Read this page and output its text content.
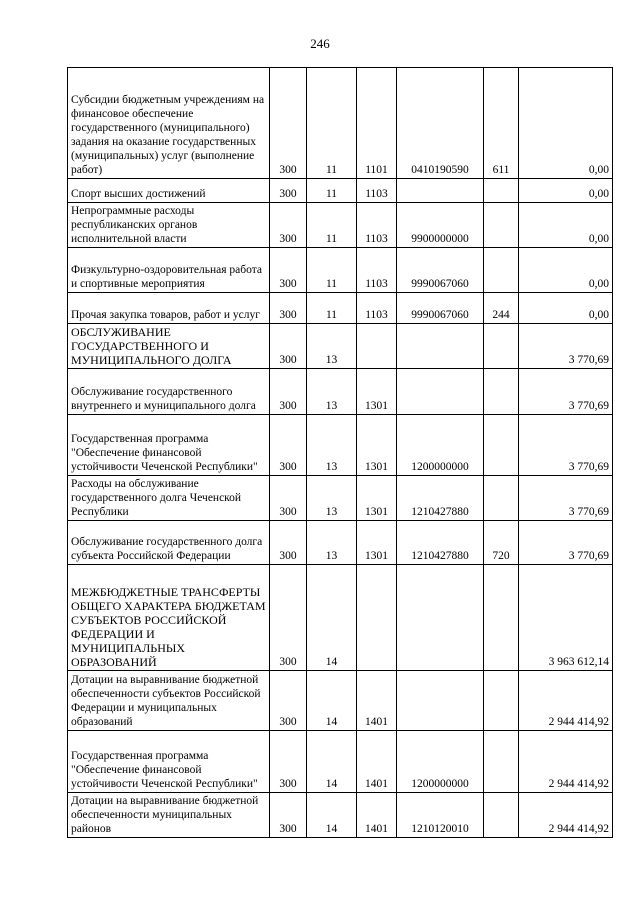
246
Субсидии бюджетным учреждениям на финансовое обеспечение государственного (муниципального) задания на оказание государственных (муниципальных) услуг (выполнение работ)	300	11	1101	0410190590	611	0,00
Спорт высших достижений	300	11	1103			0,00
Непрограммные расходы республиканских органов исполнительной власти	300	11	1103	9900000000		0,00
Физкультурно-оздоровительная работа и спортивные мероприятия	300	11	1103	9990067060		0,00
Прочая закупка товаров, работ и услуг	300	11	1103	9990067060	244	0,00
ОБСЛУЖИВАНИЕ ГОСУДАРСТВЕННОГО И МУНИЦИПАЛЬНОГО ДОЛГА	300	13				3 770,69
Обслуживание государственного внутреннего и муниципального долга	300	13	1301			3 770,69
Государственная программа "Обеспечение финансовой устойчивости Чеченской Республики"	300	13	1301	1200000000		3 770,69
Расходы на обслуживание государственного долга Чеченской Республики	300	13	1301	1210427880		3 770,69
Обслуживание государственного долга субъекта Российской Федерации	300	13	1301	1210427880	720	3 770,69
МЕЖБЮДЖЕТНЫЕ ТРАНСФЕРТЫ ОБЩЕГО ХАРАКТЕРА БЮДЖЕТАМ СУБЪЕКТОВ РОССИЙСКОЙ ФЕДЕРАЦИИ И МУНИЦИПАЛЬНЫХ ОБРАЗОВАНИЙ	300	14				3 963 612,14
Дотации на выравнивание бюджетной обеспеченности субъектов Российской Федерации и муниципальных образований	300	14	1401			2 944 414,92
Государственная программа "Обеспечение финансовой устойчивости Чеченской Республики"	300	14	1401	1200000000		2 944 414,92
Дотации на выравнивание бюджетной обеспеченности муниципальных районов	300	14	1401	1210120010		2 944 414,92
